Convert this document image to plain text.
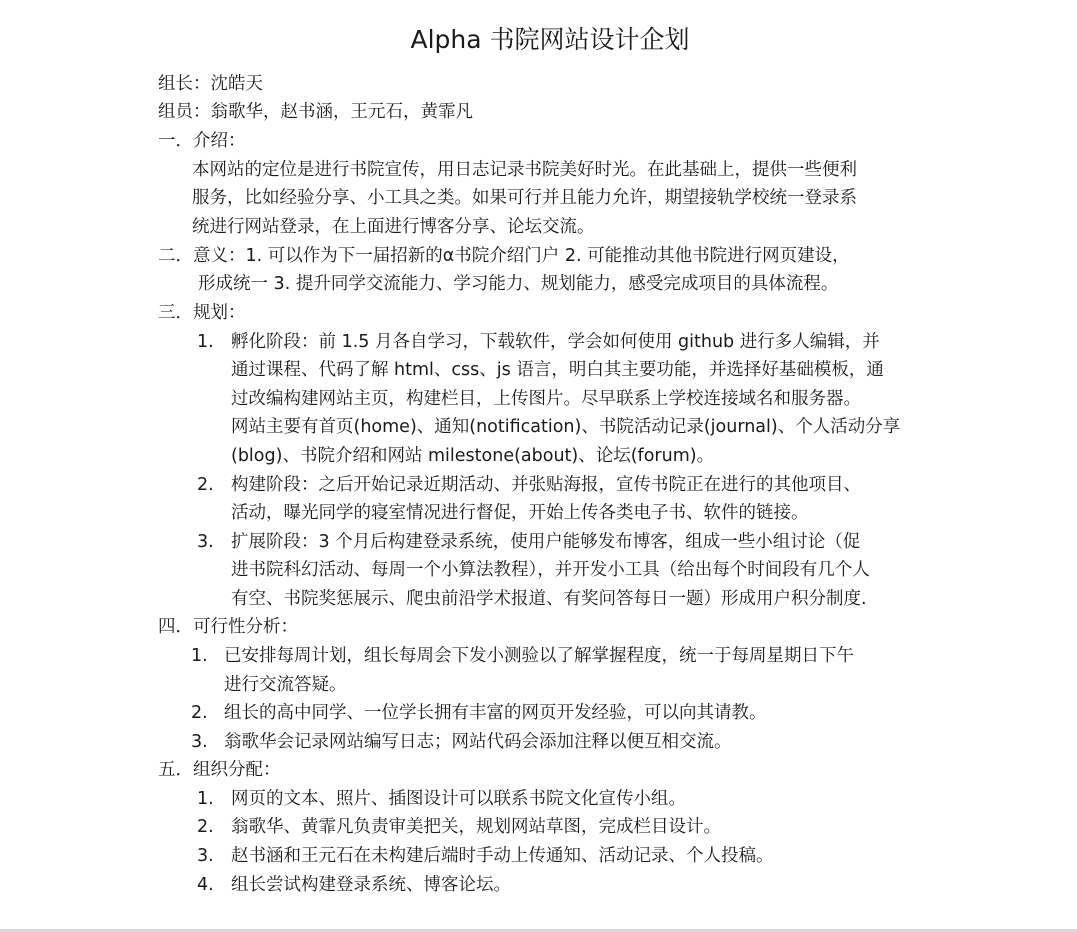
Alpha 书院网站设计企划
组长：沈皓天
组员：翁歌华，赵书涵，王元石，黄霏凡
一．介绍：
本网站的定位是进行书院宣传，用日志记录书院美好时光。在此基础上，提供一些便利
服务，比如经验分享、小工具之类。如果可行并且能力允许，期望接轨学校统一登录系
统进行网站登录，在上面进行博客分享、论坛交流。
二．意义：1. 可以作为下一届招新的α书院介绍门户 2. 可能推动其他书院进行网页建设，
形成统一 3. 提升同学交流能力、学习能力、规划能力，感受完成项目的具体流程。
三．规划：
1. 孵化阶段：前 1.5 月各自学习，下载软件，学会如何使用 github 进行多人编辑，并
通过课程、代码了解 html、css、js 语言，明白其主要功能，并选择好基础模板，通
过改编构建网站主页，构建栏目，上传图片。尽早联系上学校连接域名和服务器。
网站主要有首页(home)、通知(notification)、书院活动记录(journal)、个人活动分享
(blog)、书院介绍和网站 milestone(about)、论坛(forum)。
2. 构建阶段：之后开始记录近期活动、并张贴海报，宣传书院正在进行的其他项目、
活动，曝光同学的寝室情况进行督促，开始上传各类电子书、软件的链接。
3. 扩展阶段：3 个月后构建登录系统，使用户能够发布博客，组成一些小组讨论（促
进书院科幻活动、每周一个小算法教程），并开发小工具（给出每个时间段有几个人
有空、书院奖惩展示、爬虫前沿学术报道、有奖问答每日一题）形成用户积分制度.
四．可行性分析：
1. 已安排每周计划，组长每周会下发小测验以了解掌握程度，统一于每周星期日下午
进行交流答疑。
2. 组长的高中同学、一位学长拥有丰富的网页开发经验，可以向其请教。
3. 翁歌华会记录网站编写日志；网站代码会添加注释以便互相交流。
五．组织分配：
1. 网页的文本、照片、插图设计可以联系书院文化宣传小组。
2. 翁歌华、黄霏凡负责审美把关，规划网站草图，完成栏目设计。
3. 赵书涵和王元石在未构建后端时手动上传通知、活动记录、个人投稿。
4. 组长尝试构建登录系统、博客论坛。
